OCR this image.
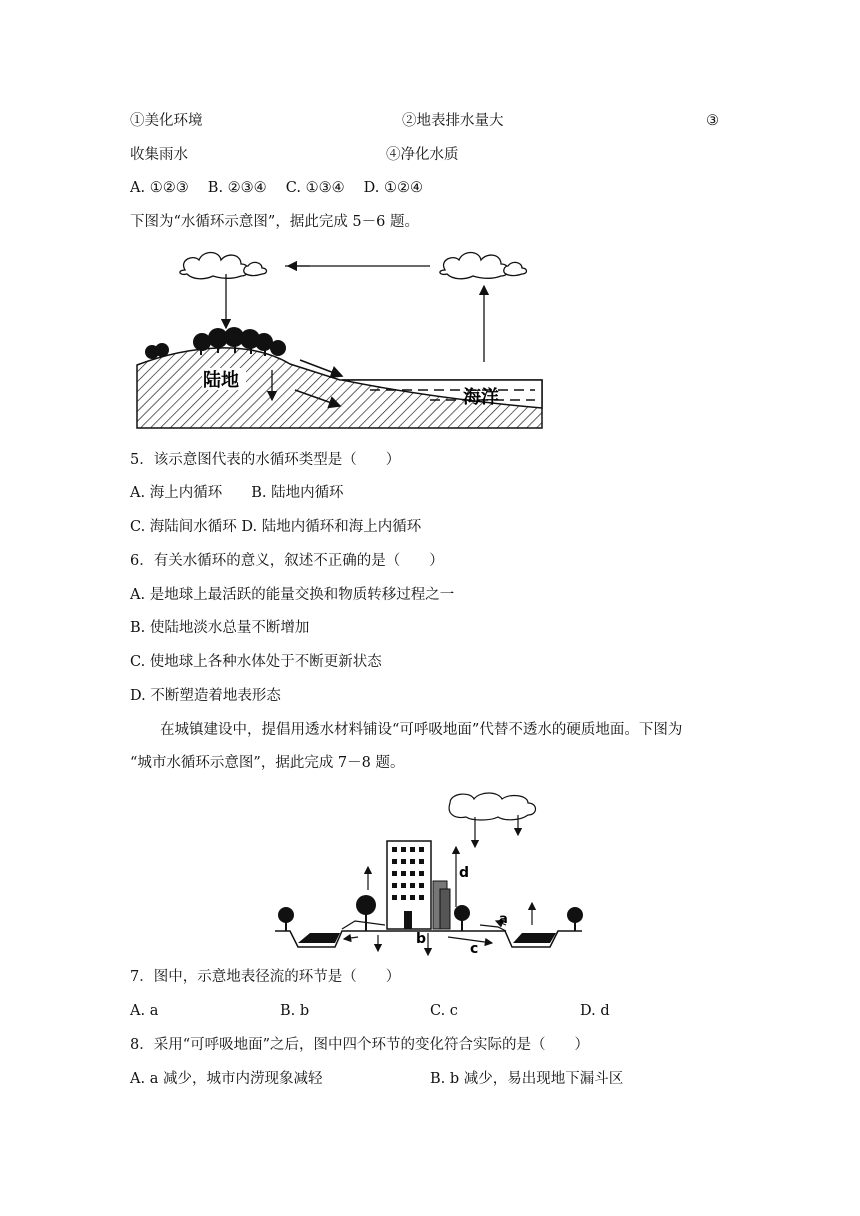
①美化环境	②地表排水量大	③
收集雨水	④净化水质
A. ①②③　 B. ②③④　 C. ①③④　 D. ①②④
下图为“水循环示意图”，据此完成 5－6 题。
陆地
海洋
5．该示意图代表的水循环类型是（　　）
A. 海上内循环　　B. 陆地内循环
C. 海陆间水循环 D. 陆地内循环和海上内循环
6．有关水循环的意义，叙述不正确的是（　　）
A. 是地球上最活跃的能量交换和物质转移过程之一
B. 使陆地淡水总量不断增加
C. 使地球上各种水体处于不断更新状态
D. 不断塑造着地表形态
在城镇建设中，提倡用透水材料铺设“可呼吸地面”代替不透水的硬质地面。下图为
“城市水循环示意图”，据此完成 7－8 题。
d
a
b
c
7．图中，示意地表径流的环节是（　　）
A. a	B. b	C. c	D. d
8．采用“可呼吸地面”之后，图中四个环节的变化符合实际的是（　　）
A. a 减少，城市内涝现象减轻	B. b 减少，易出现地下漏斗区
